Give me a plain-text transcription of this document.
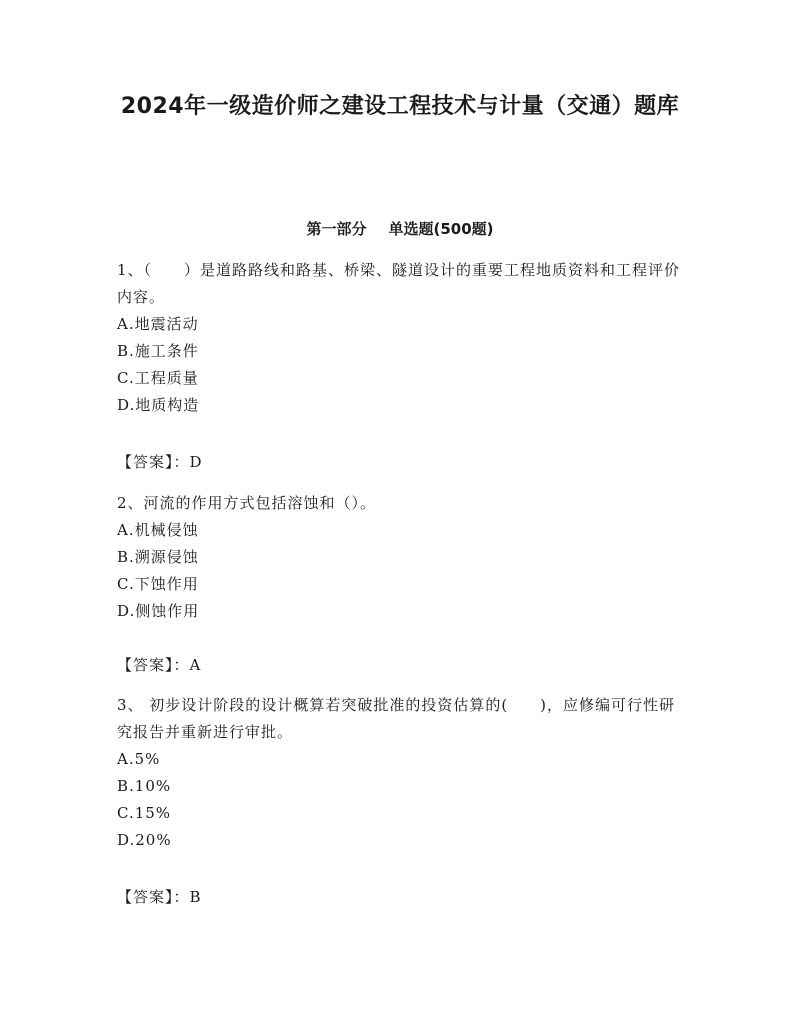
2024年一级造价师之建设工程技术与计量（交通）题库
第一部分 单选题(500题)

1、（　　）是道路路线和路基、桥梁、隧道设计的重要工程地质资料和工程评价内容。

A.地震活动

B.施工条件

C.工程质量

D.地质构造

【答案】：D

2、河流的作用方式包括溶蚀和（）。

A.机械侵蚀

B.溯源侵蚀

C.下蚀作用

D.侧蚀作用

【答案】：A

3、 初步设计阶段的设计概算若突破批准的投资估算的(　　)，应修编可行性研究报告并重新进行审批。

A.5%

B.10%

C.15%

D.20%

【答案】：B
